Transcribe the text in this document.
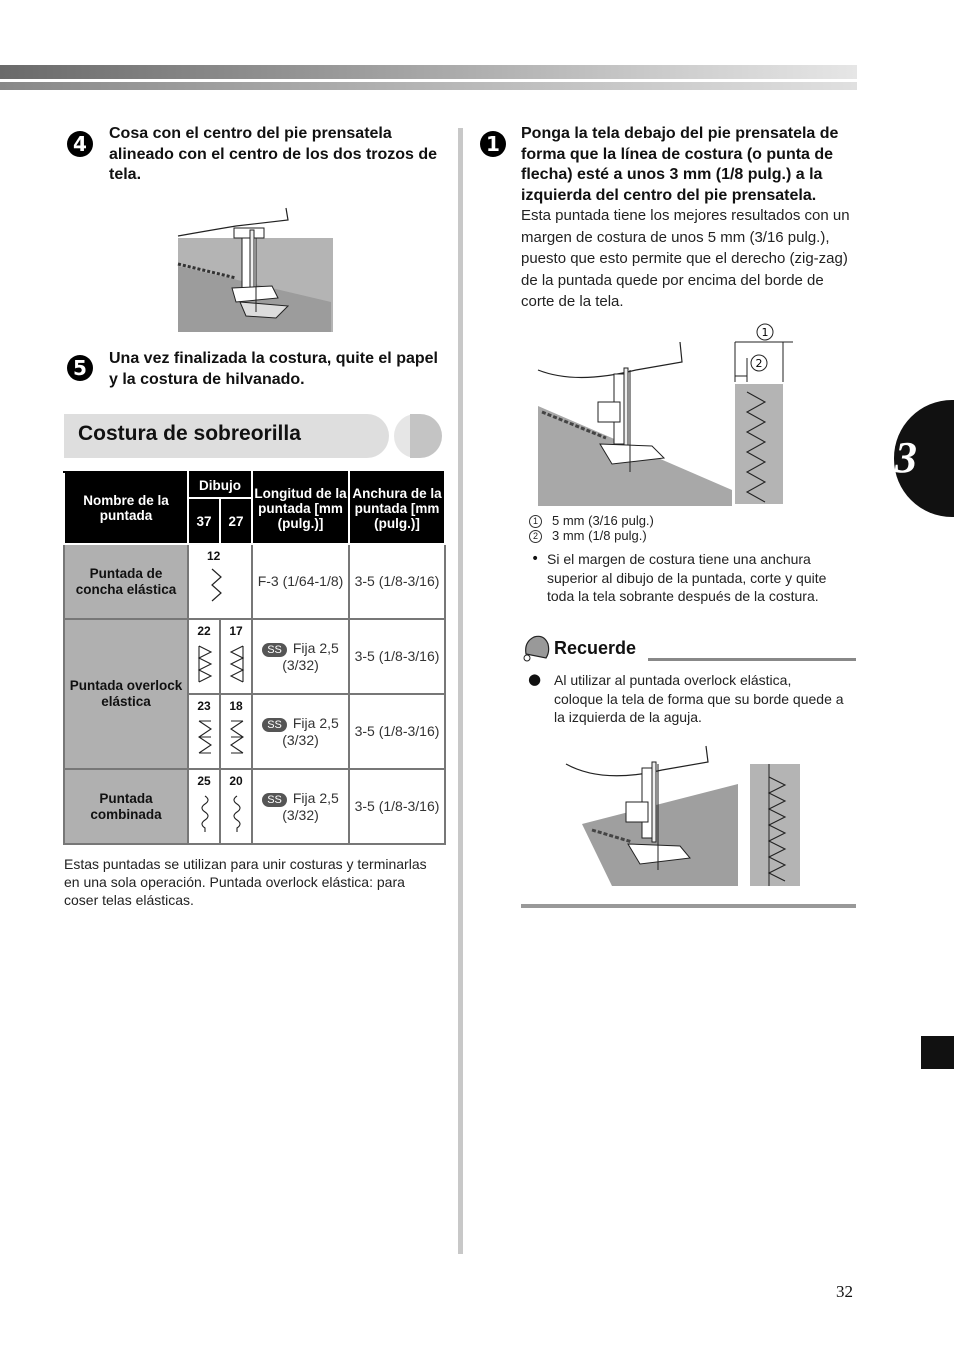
4	Cosa con el centro del pie prensatela alineado con el centro de los dos trozos de tela.
5	Una vez finalizada la costura, quite el papel y la costura de hilvanado.
Costura de sobreorilla
Nombre de la puntada	Dibujo		Longitud de la puntada [mm (pulg.)]	Anchura de la puntada [mm (pulg.)]
	37	27		
Puntada de concha elástica	12		F-3 (1/64-1/8)	3-5 (1/8-3/16)
Puntada overlock elástica	22	17	SS Fija 2,5 (3/32)	3-5 (1/8-3/16)

	23	18	SS Fija 2,5 (3/32)	3-5 (1/8-3/16)
Puntada combinada	25	20	SS Fija 2,5 (3/32)	3-5 (1/8-3/16)
Estas puntadas se utilizan para unir costuras y terminarlas en una sola operación. Puntada overlock elástica: para coser telas elásticas.
1	Ponga la tela debajo del pie prensatela de forma que la línea de costura (o punta de flecha) esté a unos 3 mm (1/8 pulg.) a la izquierda del centro del pie prensatela.
Esta puntada tiene los mejores resultados con un margen de costura de unos 5 mm (3/16 pulg.), puesto que esto permite que el derecho (zig-zag) de la puntada quede por encima del borde de corte de la tela.
1
2
1 5 mm (3/16 pulg.)
2 3 mm (1/8 pulg.)
• Si el margen de costura tiene una anchura superior al dibujo de la puntada, corte y quite toda la tela sobrante después de la costura.
Recuerde
● Al utilizar al puntada overlock elástica, coloque la tela de forma que su borde quede a la izquierda de la aguja.
3
32
